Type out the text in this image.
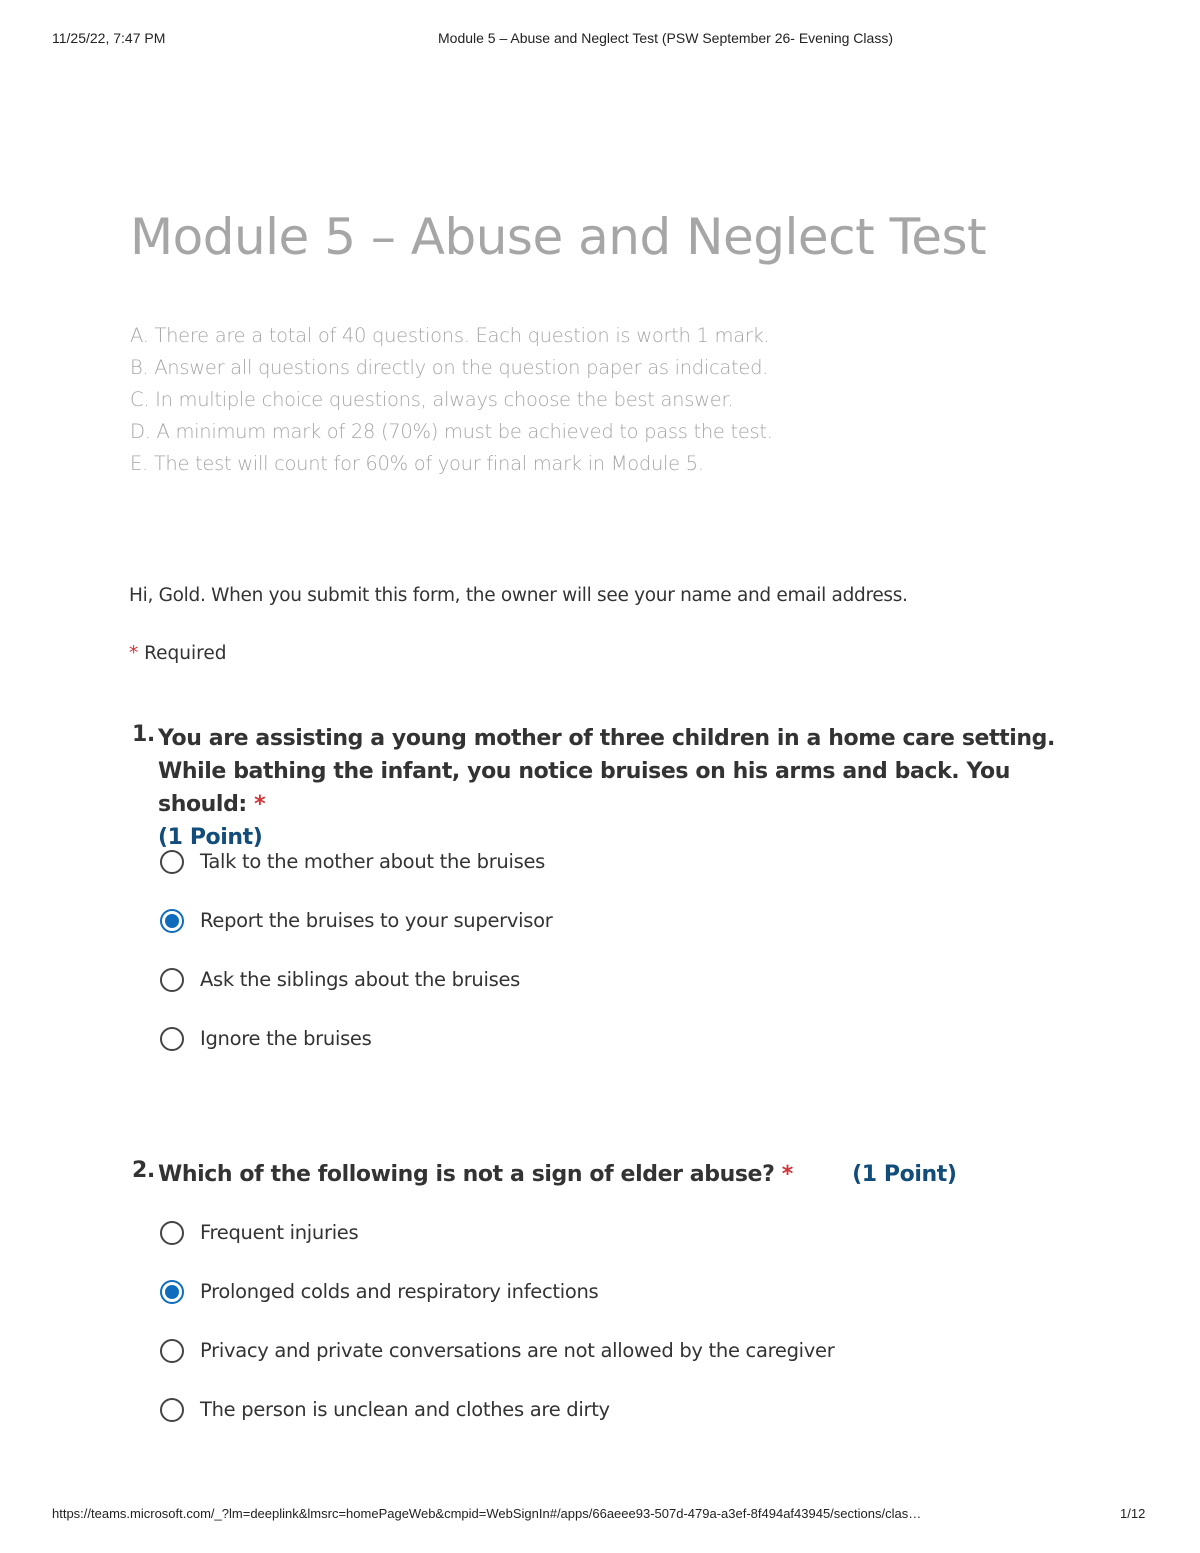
11/25/22, 7:47 PM	Module 5 – Abuse and Neglect Test (PSW September 26- Evening Class)
Module 5 – Abuse and Neglect Test
A. There are a total of 40 questions. Each question is worth 1 mark.
B. Answer all questions directly on the question paper as indicated.
C. In multiple choice questions, always choose the best answer.
D. A minimum mark of 28 (70%) must be achieved to pass the test.
E. The test will count for 60% of your final mark in Module 5.
Hi, Gold. When you submit this form, the owner will see your name and email address.
* Required
1. You are assisting a young mother of three children in a home care setting. While bathing the infant, you notice bruises on his arms and back. You should: *
(1 Point)
Talk to the mother about the bruises
Report the bruises to your supervisor
Ask the siblings about the bruises
Ignore the bruises
2. Which of the following is not a sign of elder abuse? *	(1 Point)
Frequent injuries
Prolonged colds and respiratory infections
Privacy and private conversations are not allowed by the caregiver
The person is unclean and clothes are dirty
https://teams.microsoft.com/_?lm=deeplink&lmsrc=homePageWeb&cmpid=WebSignIn#/apps/66aeee93-507d-479a-a3ef-8f494af43945/sections/clas…	1/12
